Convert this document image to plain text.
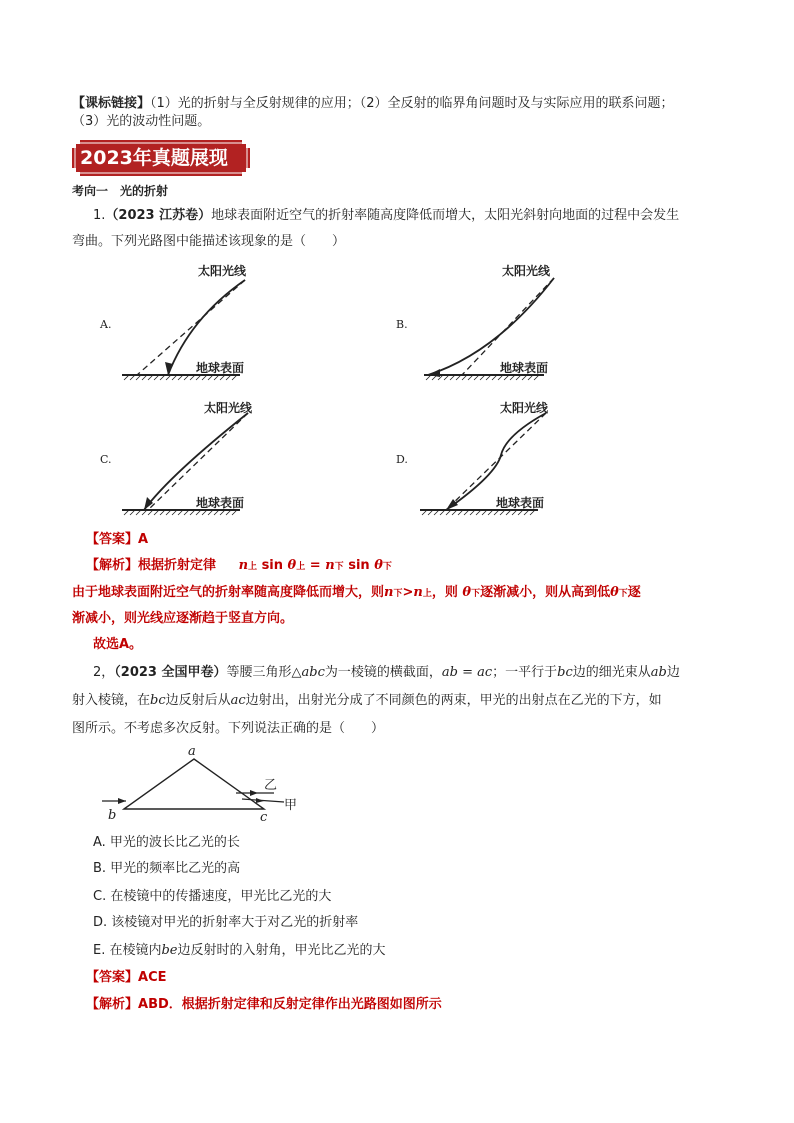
【课标链接】（1）光的折射与全反射规律的应用；（2）全反射的临界角问题时及与实际应用的联系问题；
（3）光的波动性问题。
2023年真题展现
考向一　光的折射
1.（2023 江苏卷）地球表面附近空气的折射率随高度降低而增大，太阳光斜射向地面的过程中会发生
弯曲。下列光路图中能描述该现象的是（　　）
A.
太阳光线
地球表面
B.
太阳光线
地球表面
C.
太阳光线
地球表面
D.
太阳光线
地球表面
【答案】A
【解析】根据折射定律 n上 sin θ上 = n下 sin θ下
由于地球表面附近空气的折射率随高度降低而增大，则n下>n上，则 θ下逐渐减小，则从高到低θ下逐
渐减小，则光线应逐渐趋于竖直方向。
故选A。
2，（2023 全国甲卷）等腰三角形△abc为一棱镜的横截面，ab = ac；一平行于bc边的细光束从ab边
射入棱镜，在bc边反射后从ac边射出，出射光分成了不同颜色的两束，甲光的出射点在乙光的下方，如
图所示。不考虑多次反射。下列说法正确的是（　　）
a
b	c
乙
甲
A. 甲光的波长比乙光的长
B. 甲光的频率比乙光的高
C. 在棱镜中的传播速度，甲光比乙光的大
D. 该棱镜对甲光的折射率大于对乙光的折射率
E. 在棱镜内be边反射时的入射角，甲光比乙光的大
【答案】ACE
【解析】ABD．根据折射定律和反射定律作出光路图如图所示
